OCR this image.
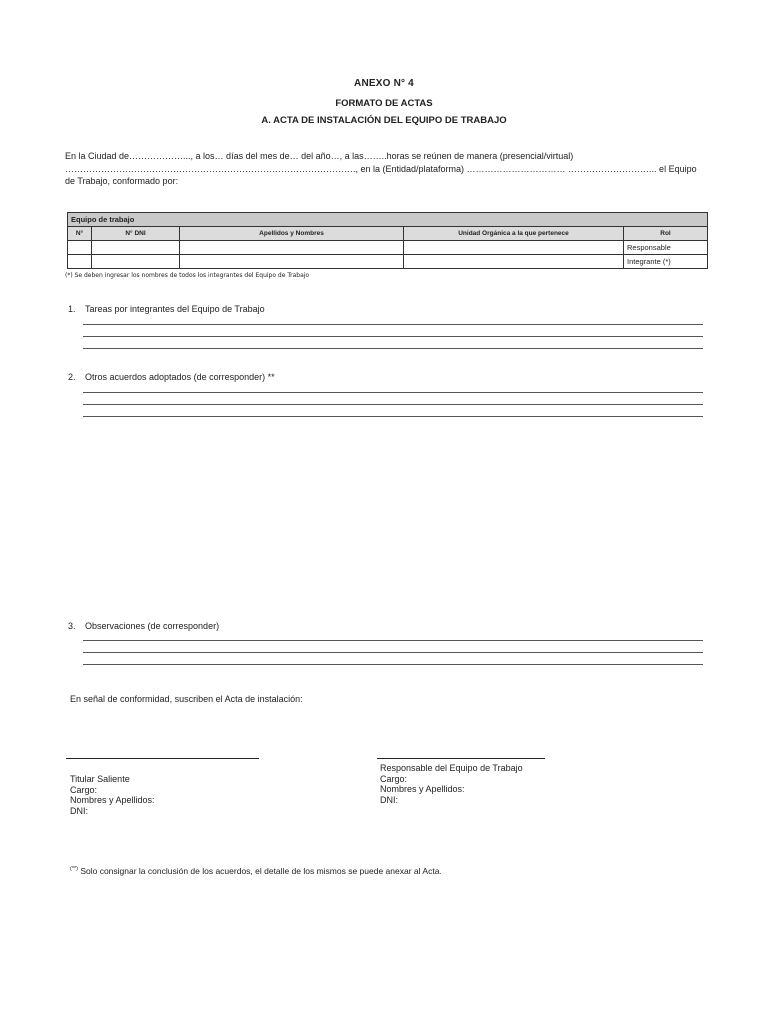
ANEXO N° 4
FORMATO DE ACTAS
A. ACTA DE INSTALACIÓN DEL EQUIPO DE TRABAJO
En la Ciudad de………………..., a los… días del mes de… del año…, a las……..horas se reúnen de manera (presencial/virtual)
……………………………………………………………………………………., en la (Entidad/plataforma) …………………………… ………………………... el Equipo
de Trabajo, conformado por:
Equipo de trabajo				
N°	N° DNI	Apellidos y Nombres	Unidad Orgánica a la que pertenece	Rol
				Responsable
				Integrante (*)
(*) Se deben ingresar los nombres de todos los integrantes del Equipo de Trabajo
1. Tareas por integrantes del Equipo de Trabajo
2. Otros acuerdos adoptados (de corresponder) **
3. Observaciones (de corresponder)
En señal de conformidad, suscriben el Acta de instalación:
Titular Saliente
Cargo:
Nombres y Apellidos:
DNI:
Responsable del Equipo de Trabajo
Cargo:
Nombres y Apellidos:
DNI:
(**) Solo consignar la conclusión de los acuerdos, el detalle de los mismos se puede anexar al Acta.
